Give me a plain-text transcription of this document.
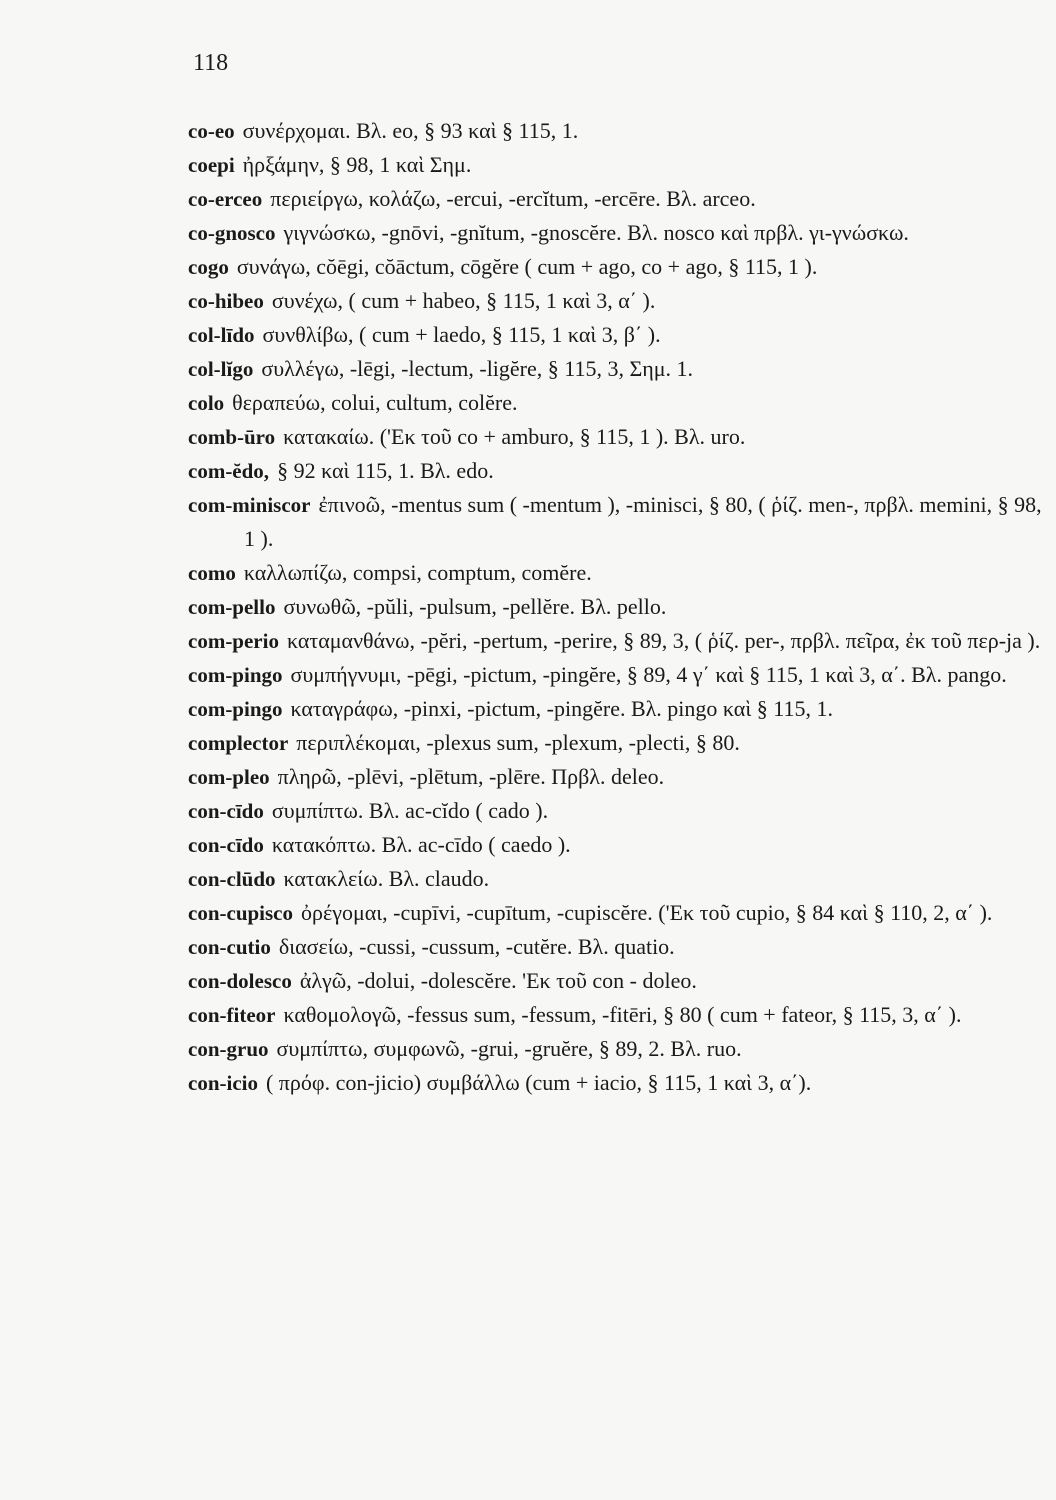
118
co-eo συνέρχομαι. Βλ. eo, § 93 καὶ § 115, 1.
coepi ἠρξάμην, § 98, 1 καὶ Σημ.
co-erceo περιείργω, κολάζω, -ercui, -ercĭtum, -ercēre. Βλ. arceo.
co-gnosco γιγνώσκω, -gnōvi, -gnĭtum, -gnoscĕre. Βλ. nosco καὶ πρβλ. γι-γνώσκω.
cogo συνάγω, cŏēgi, cŏāctum, cōgĕre ( cum + ago, co + ago, § 115, 1 ).
co-hibeo συνέχω, ( cum + habeo, § 115, 1 καὶ 3, α΄ ).
col-līdo συνθλίβω, ( cum + laedo, § 115, 1 καὶ 3, β΄ ).
col-lĭgo συλλέγω, -lēgi, -lectum, -ligĕre, § 115, 3, Σημ. 1.
colo θεραπεύω, colui, cultum, colĕre.
comb-ūro κατακαίω. ('Εκ τοῦ co + amburo, § 115, 1 ). Βλ. uro.
com-ĕdo, § 92 καὶ 115, 1. Βλ. edo.
com-miniscor ἐπινοῶ, -mentus sum ( -mentum ), -minisci, § 80, ( ῥίζ. men-, πρβλ. memini, § 98, 1 ).
como καλλωπίζω, compsi, comptum, comĕre.
com-pello συνωθῶ, -pŭli, -pulsum, -pellĕre. Βλ. pello.
com-perio καταμανθάνω, -pĕri, -pertum, -perire, § 89, 3, ( ῥίζ. per-, πρβλ. πεῖρα, ἐκ τοῦ περ-ja ).
com-pingo συμπήγνυμι, -pēgi, -pictum, -pingĕre, § 89, 4 γ΄ καὶ § 115, 1 καὶ 3, α΄. Βλ. pango.
com-pingo καταγράφω, -pinxi, -pictum, -pingĕre. Βλ. pingo καὶ § 115, 1.
complector περιπλέκομαι, -plexus sum, -plexum, -plecti, § 80.
com-pleo πληρῶ, -plēvi, -plētum, -plēre. Πρβλ. deleo.
con-cīdo συμπίπτω. Βλ. ac-cĭdo ( cado ).
con-cīdo κατακόπτω. Βλ. ac-cīdo ( caedo ).
con-clūdo κατακλείω. Βλ. claudo.
con-cupisco ὀρέγομαι, -cupīvi, -cupītum, -cupiscĕre. ('Εκ τοῦ cupio, § 84 καὶ § 110, 2, α΄ ).
con-cutio διασείω, -cussi, -cussum, -cutĕre. Βλ. quatio.
con-dolesco ἀλγῶ, -dolui, -dolescĕre. 'Εκ τοῦ con - doleo.
con-fiteor καθομολογῶ, -fessus sum, -fessum, -fitēri, § 80 ( cum + fateor, § 115, 3, α΄ ).
con-gruo συμπίπτω, συμφωνῶ, -grui, -gruĕre, § 89, 2. Βλ. ruo.
con-icio ( πρόφ. con-jicio) συμβάλλω (cum + iacio, § 115, 1 καὶ 3, α΄).
